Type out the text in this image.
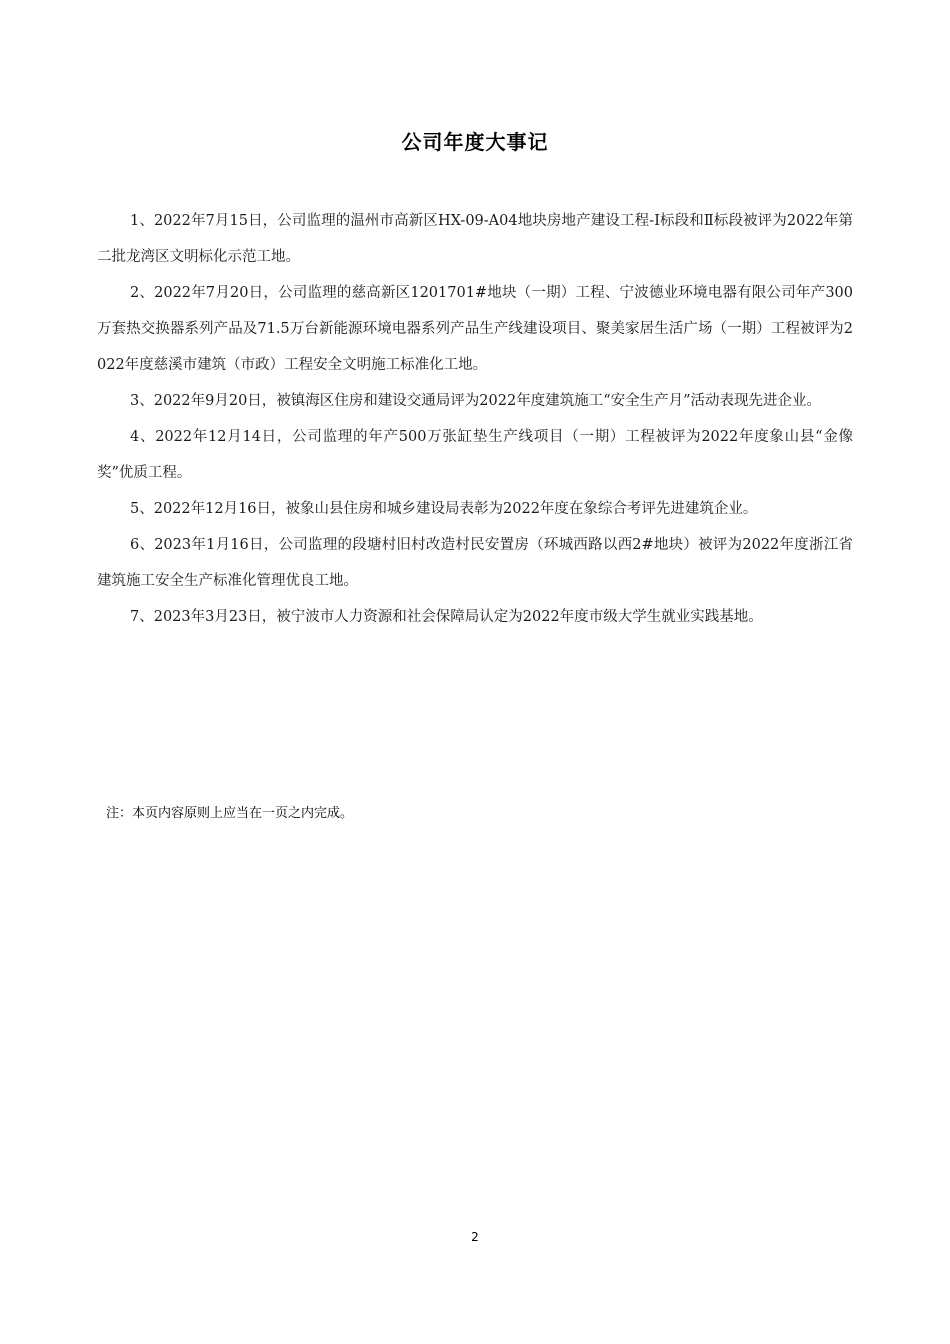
公司年度大事记

1、2022年7月15日，公司监理的温州市高新区HX-09-A04地块房地产建设工程-Ⅰ标段和Ⅱ标段被评为2022年第二批龙湾区文明标化示范工地。

2、2022年7月20日，公司监理的慈高新区1201701#地块（一期）工程、宁波德业环境电器有限公司年产300万套热交换器系列产品及71.5万台新能源环境电器系列产品生产线建设项目、聚美家居生活广场（一期）工程被评为2022年度慈溪市建筑（市政）工程安全文明施工标准化工地。

3、2022年9月20日，被镇海区住房和建设交通局评为2022年度建筑施工“安全生产月”活动表现先进企业。

4、2022年12月14日，公司监理的年产500万张缸垫生产线项目（一期）工程被评为2022年度象山县“金像奖”优质工程。

5、2022年12月16日，被象山县住房和城乡建设局表彰为2022年度在象综合考评先进建筑企业。

6、2023年1月16日，公司监理的段塘村旧村改造村民安置房（环城西路以西2#地块）被评为2022年度浙江省建筑施工安全生产标准化管理优良工地。

7、2023年3月23日，被宁波市人力资源和社会保障局认定为2022年度市级大学生就业实践基地。

注：本页内容原则上应当在一页之内完成。
2
